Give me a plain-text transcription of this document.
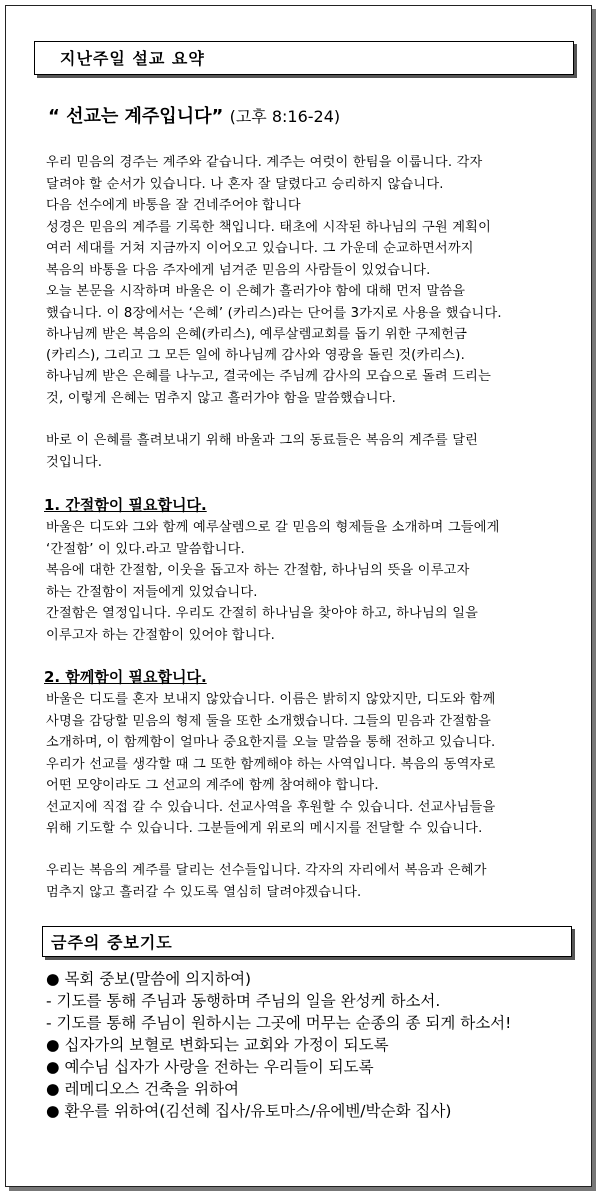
지난주일 설교 요약
“ 선교는 계주입니다” (고후 8:16-24)
우리 믿음의 경주는 계주와 같습니다. 계주는 여럿이 한팀을 이룹니다. 각자
달려야 할 순서가 있습니다. 나 혼자 잘 달렸다고 승리하지 않습니다.
다음 선수에게 바통을 잘 건네주어야 합니다
성경은 믿음의 계주를 기록한 책입니다. 태초에 시작된 하나님의 구원 계획이
여러 세대를 거쳐 지금까지 이어오고 있습니다. 그 가운데 순교하면서까지
복음의 바통을 다음 주자에게 넘겨준 믿음의 사람들이 있었습니다.
오늘 본문을 시작하며 바울은 이 은혜가 흘러가야 함에 대해 먼저 말씀을
했습니다. 이 8장에서는 ‘은혜’ (카리스)라는 단어를 3가지로 사용을 했습니다.
하나님께 받은 복음의 은혜(카리스), 예루살렘교회를 돕기 위한 구제헌금
(카리스), 그리고 그 모든 일에 하나님께 감사와 영광을 돌린 것(카리스).
하나님께 받은 은혜를 나누고, 결국에는 주님께 감사의 모습으로 돌려 드리는
것, 이렇게 은혜는 멈추지 않고 흘러가야 함을 말씀했습니다.
바로 이 은혜를 흘려보내기 위해 바울과 그의 동료들은 복음의 계주를 달린
것입니다.
1. 간절함이 필요합니다.
바울은 디도와 그와 함께 예루살렘으로 갈 믿음의 형제들을 소개하며 그들에게
‘간절함’ 이 있다.라고 말씀합니다.
복음에 대한 간절함, 이웃을 돕고자 하는 간절함, 하나님의 뜻을 이루고자
하는 간절함이 저들에게 있었습니다.
간절함은 열정입니다. 우리도 간절히 하나님을 찾아야 하고, 하나님의 일을
이루고자 하는 간절함이 있어야 합니다.
2. 함께함이 필요합니다.
바울은 디도를 혼자 보내지 않았습니다. 이름은 밝히지 않았지만, 디도와 함께
사명을 감당할 믿음의 형제 둘을 또한 소개했습니다. 그들의 믿음과 간절함을
소개하며, 이 함께함이 얼마나 중요한지를 오늘 말씀을 통해 전하고 있습니다.
우리가 선교를 생각할 때 그 또한 함께해야 하는 사역입니다. 복음의 동역자로
어떤 모양이라도 그 선교의 계주에 함께 참여해야 합니다.
선교지에 직접 갈 수 있습니다. 선교사역을 후원할 수 있습니다. 선교사님들을
위해 기도할 수 있습니다. 그분들에게 위로의 메시지를 전달할 수 있습니다.
우리는 복음의 계주를 달리는 선수들입니다. 각자의 자리에서 복음과 은혜가
멈추지 않고 흘러갈 수 있도록 열심히 달려야겠습니다.
금주의 중보기도
● 목회 중보(말씀에 의지하여)
- 기도를 통해 주님과 동행하며 주님의 일을 완성케 하소서.
- 기도를 통해 주님이 원하시는 그곳에 머무는 순종의 종 되게 하소서!
● 십자가의 보혈로 변화되는 교회와 가정이 되도록
● 예수님 십자가 사랑을 전하는 우리들이 되도록
● 레메디오스 건축을 위하여
● 환우를 위하여(김선혜 집사/유토마스/유에벤/박순화 집사)
